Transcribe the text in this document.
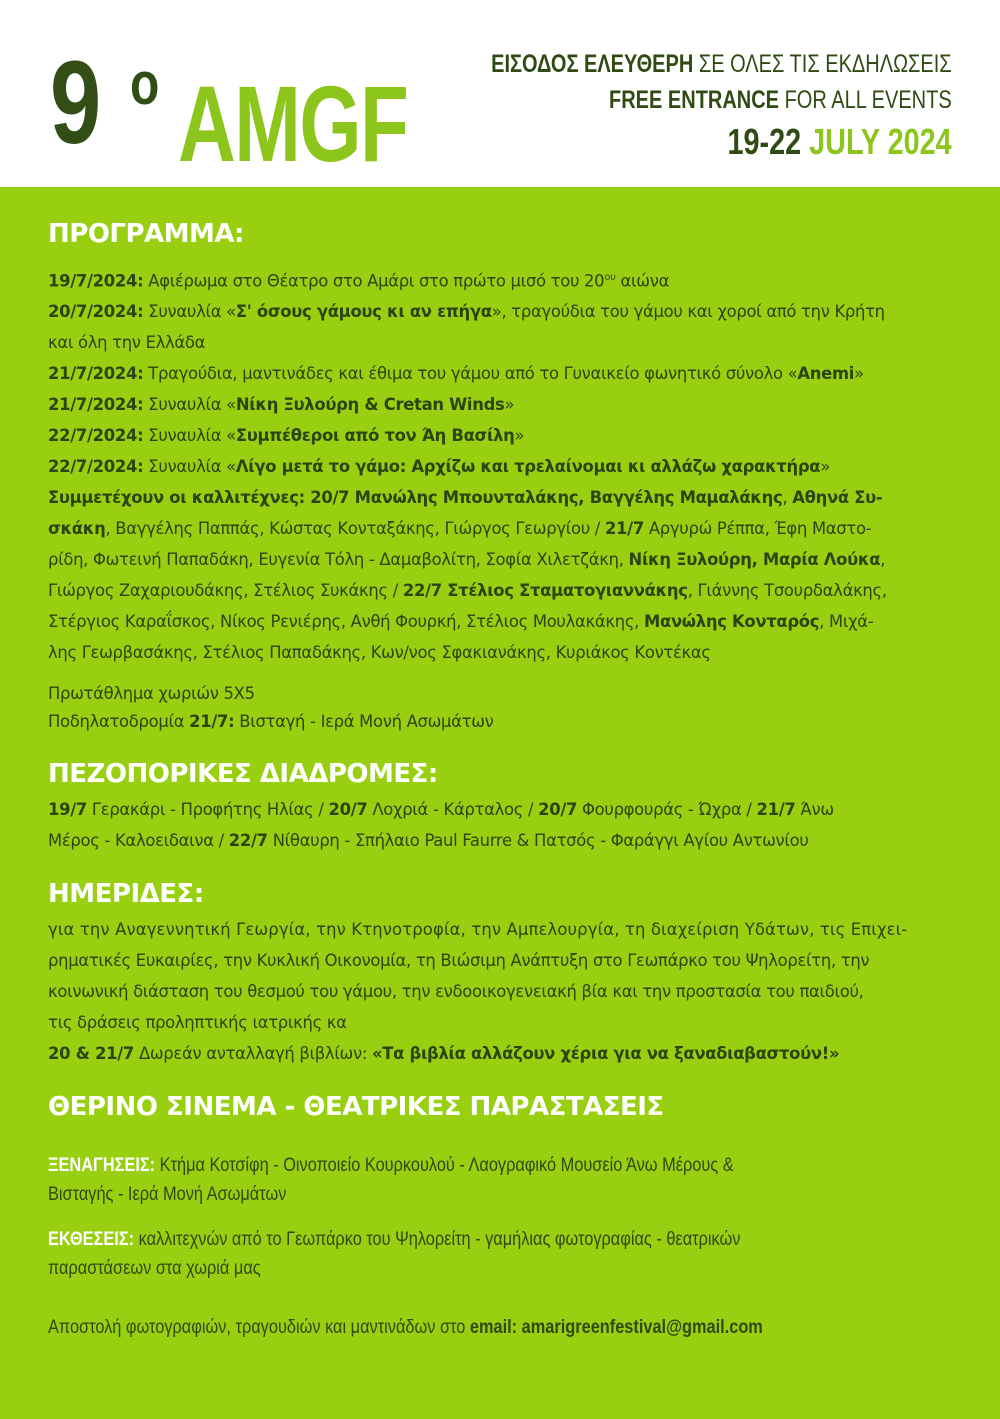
9 ο AMGF	ΕΙΣΟΔΟΣ ΕΛΕΥΘΕΡΗ ΣΕ ΟΛΕΣ ΤΙΣ ΕΚΔΗΛΩΣΕΙΣ
FREE ENTRANCE FOR ALL EVENTS
19-22 JULY 2024
ΠΡΟΓΡΑΜΜΑ:
19/7/2024: Αφιέρωμα στο Θέατρο στο Αμάρι στο πρώτο μισό του $20^{o\upsilon}$ αιώνα
20/7/2024: Συναυλία «Σ' όσους γάμους κι αν επήγα», τραγούδια του γάμου και χοροί από την Κρήτη
και όλη την Ελλάδα
21/7/2024: Τραγούδια, μαντινάδες και έθιμα του γάμου από το Γυναικείο φωνητικό σύνολο «Anemi»
21/7/2024: Συναυλία «Νίκη Ξυλούρη & Cretan Winds»
22/7/2024: Συναυλία «Συμπέθεροι από τον Άη Βασίλη»
22/7/2024: Συναυλία «Λίγο μετά το γάμο: Αρχίζω και τρελαίνομαι κι αλλάζω χαρακτήρα»
Συμμετέχουν οι καλλιτέχνες: 20/7 Μανώλης Μπουνταλάκης, Βαγγέλης Μαμαλάκης, Αθηνά Συ-
σκάκη, Βαγγέλης Παππάς, Κώστας Κονταξάκης, Γιώργος Γεωργίου / 21/7 Αργυρώ Ρέππα, Έφη Μαστο-
ρίδη, Φωτεινή Παπαδάκη, Ευγενία Τόλη - Δαμαβολίτη, Σοφία Χιλετζάκη, Νίκη Ξυλούρη, Μαρία Λούκα,
Γιώργος Ζαχαριουδάκης, Στέλιος Συκάκης / 22/7 Στέλιος Σταματογιαννάκης, Γιάννης Τσουρδαλάκης,
Στέργιος Καραΐσκος, Νίκος Ρενιέρης, Ανθή Φουρκή, Στέλιος Μουλακάκης, Μανώλης Κονταρός, Μιχά-
λης Γεωρβασάκης, Στέλιος Παπαδάκης, Κων/νος Σφακιανάκης, Κυριάκος Κοντέκας
Πρωτάθλημα χωριών 5Χ5
Ποδηλατοδρομία 21/7: Βισταγή - Ιερά Μονή Ασωμάτων
ΠΕΖΟΠΟΡΙΚΕΣ ΔΙΑΔΡΟΜΕΣ:
19/7 Γερακάρι - Προφήτης Ηλίας / 20/7 Λοχριά - Κάρταλος / 20/7 Φουρφουράς - Ώχρα / 21/7 Άνω
Μέρος - Καλοειδαινα / 22/7 Νίθαυρη - Σπήλαιο Paul Faurre & Πατσός - Φαράγγι Αγίου Αντωνίου
ΗΜΕΡΙΔΕΣ:
για την Αναγεννητική Γεωργία, την Κτηνοτροφία, την Αμπελουργία, τη διαχείριση Υδάτων, τις Επιχει-
ρηματικές Ευκαιρίες, την Κυκλική Οικονομία, τη Βιώσιμη Ανάπτυξη στο Γεωπάρκο του Ψηλορείτη, την
κοινωνική διάσταση του θεσμού του γάμου, την ενδοοικογενειακή βία και την προστασία του παιδιού,
τις δράσεις προληπτικής ιατρικής κα
20 & 21/7 Δωρεάν ανταλλαγή βιβλίων: «Τα βιβλία αλλάζουν χέρια για να ξαναδιαβαστούν!»
ΘΕΡΙΝΟ ΣΙΝΕΜΑ - ΘΕΑΤΡΙΚΕΣ ΠΑΡΑΣΤΑΣΕΙΣ
ΞΕΝΑΓΗΣΕΙΣ: Κτήμα Κοτσίφη - Οινοποιείο Κουρκουλού - Λαογραφικό Μουσείο Άνω Μέρους &
Βισταγής - Ιερά Μονή Ασωμάτων
ΕΚΘΕΣΕΙΣ: καλλιτεχνών από το Γεωπάρκο του Ψηλορείτη - γαμήλιας φωτογραφίας - θεατρικών
παραστάσεων στα χωριά μας
Αποστολή φωτογραφιών, τραγουδιών και μαντινάδων στο email: amarigreenfestival@gmail.com
